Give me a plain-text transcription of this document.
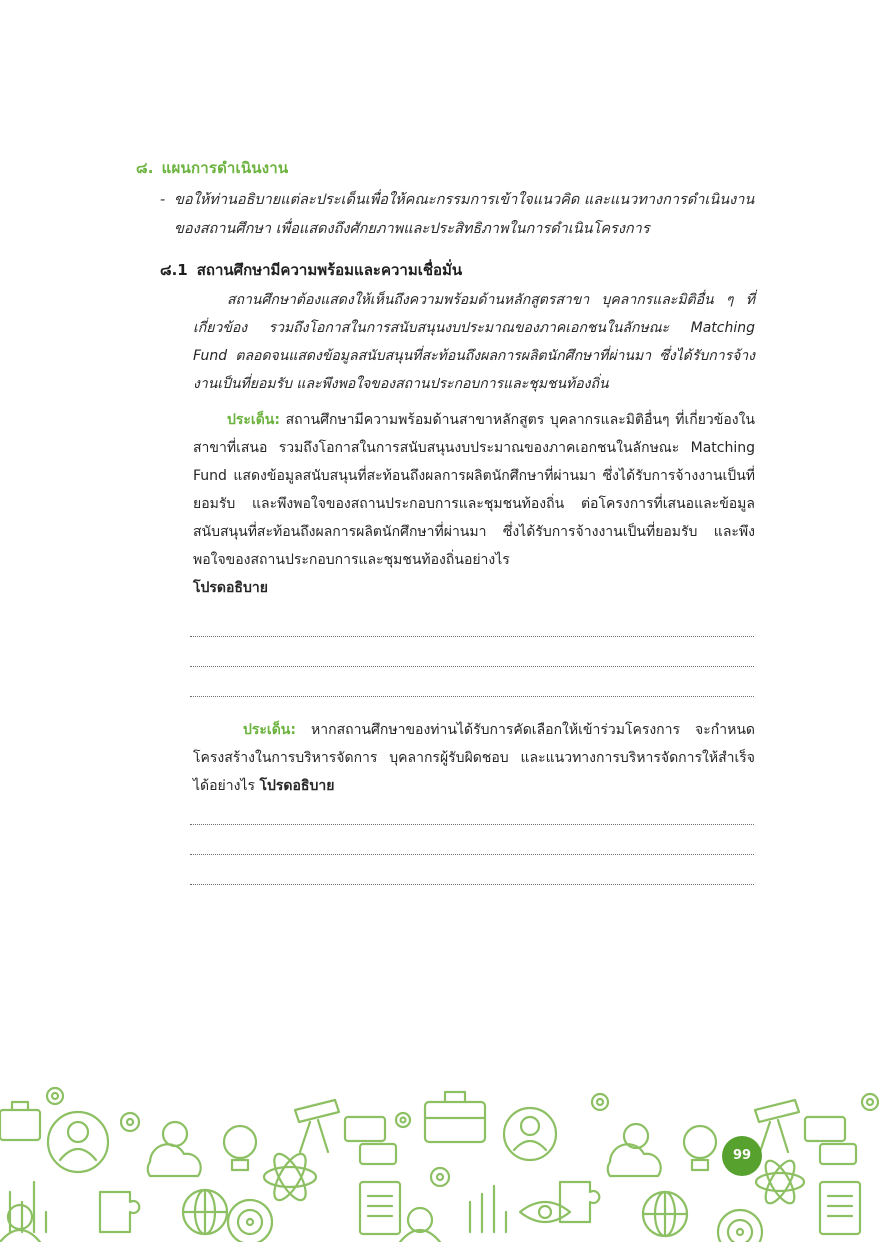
๘. แผนการดำเนินงาน
- ขอให้ท่านอธิบายแต่ละประเด็นเพื่อให้คณะกรรมการเข้าใจแนวคิด และแนวทางการดำเนินงานของสถานศึกษา เพื่อแสดงถึงศักยภาพและประสิทธิภาพในการดำเนินโครงการ
๘.1 สถานศึกษามีความพร้อมและความเชื่อมั่น
สถานศึกษาต้องแสดงให้เห็นถึงความพร้อมด้านหลักสูตรสาขา บุคลากรและมิติอื่น ๆ ที่เกี่ยวข้อง รวมถึงโอกาสในการสนับสนุนงบประมาณของภาคเอกชนในลักษณะ Matching Fund ตลอดจนแสดงข้อมูลสนับสนุนที่สะท้อนถึงผลการผลิตนักศึกษาที่ผ่านมา ซึ่งได้รับการจ้างงานเป็นที่ยอมรับ และพึงพอใจของสถานประกอบการและชุมชนท้องถิ่น
ประเด็น: สถานศึกษามีความพร้อมด้านสาขาหลักสูตร บุคลากรและมิติอื่นๆ ที่เกี่ยวข้องในสาขาที่เสนอ รวมถึงโอกาสในการสนับสนุนงบประมาณของภาคเอกชนในลักษณะ Matching Fund แสดงข้อมูลสนับสนุนที่สะท้อนถึงผลการผลิตนักศึกษาที่ผ่านมา ซึ่งได้รับการจ้างงานเป็นที่ยอมรับ และพึงพอใจของสถานประกอบการและชุมชนท้องถิ่น ต่อโครงการที่เสนอและข้อมูลสนับสนุนที่สะท้อนถึงผลการผลิตนักศึกษาที่ผ่านมา ซึ่งได้รับการจ้างงานเป็นที่ยอมรับ และพึงพอใจของสถานประกอบการและชุมชนท้องถิ่นอย่างไร
โปรดอธิบาย
ประเด็น: หากสถานศึกษาของท่านได้รับการคัดเลือกให้เข้าร่วมโครงการ จะกำหนดโครงสร้างในการบริหารจัดการ บุคลากรผู้รับผิดชอบ และแนวทางการบริหารจัดการให้สำเร็จได้อย่างไร โปรดอธิบาย
99
